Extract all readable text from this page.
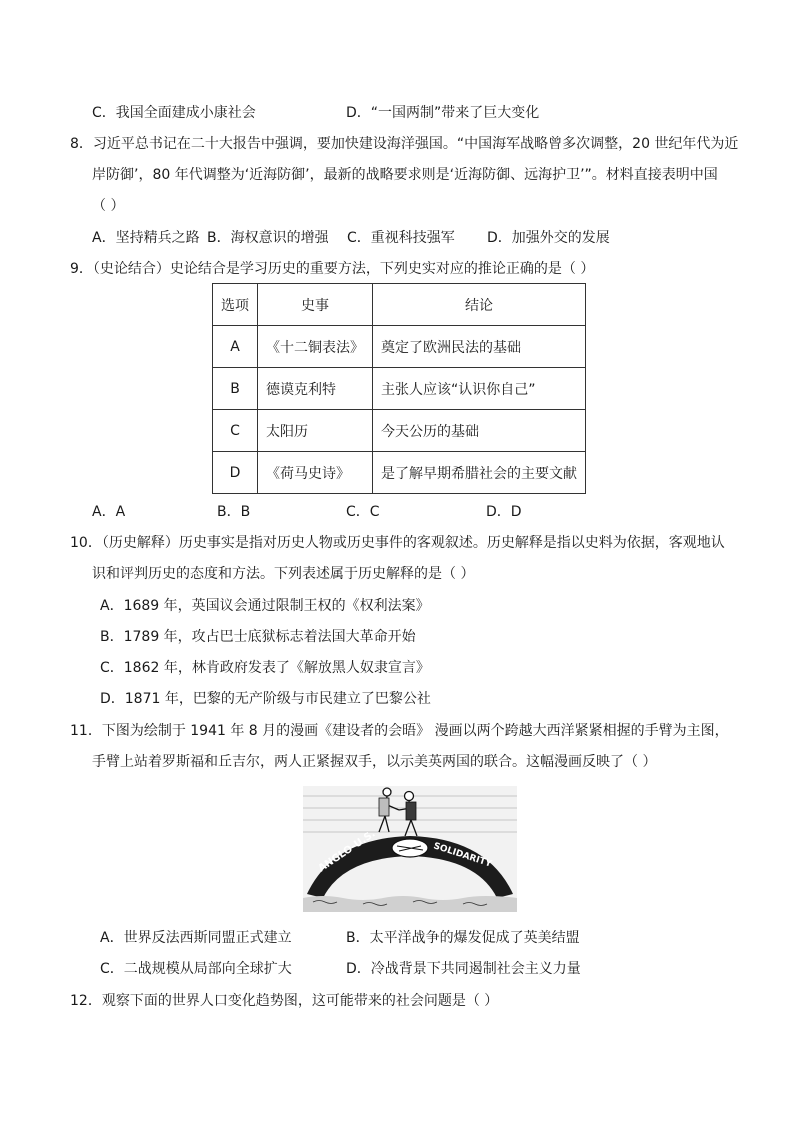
C．我国全面建成小康社会	D．“一国两制”带来了巨大变化
8．习近平总书记在二十大报告中强调，要加快建设海洋强国。“中国海军战略曾多次调整，20 世纪年代为近
岸防御’，80 年代调整为‘近海防御’，最新的战略要求则是‘近海防御、远海护卫’”。材料直接表明中国
（ ）
A．坚持精兵之路 B．海权意识的增强 C．重视科技强军 D．加强外交的发展
9．（史论结合）史论结合是学习历史的重要方法，下列史实对应的推论正确的是（ ）
选项	史事	结论
A	《十二铜表法》	奠定了欧洲民法的基础
B	德谟克利特	主张人应该“认识你自己”
C	太阳历	今天公历的基础
D	《荷马史诗》	是了解早期希腊社会的主要文献
A．A	B．B	C．C	D．D
10．（历史解释）历史事实是指对历史人物或历史事件的客观叙述。历史解释是指以史料为依据，客观地认
识和评判历史的态度和方法。下列表述属于历史解释的是（ ）
A．1689 年，英国议会通过限制王权的《权利法案》
B．1789 年，攻占巴士底狱标志着法国大革命开始
C．1862 年，林肯政府发表了《解放黑人奴隶宣言》
D．1871 年，巴黎的无产阶级与市民建立了巴黎公社
11．下图为绘制于 1941 年 8 月的漫画《建设者的会晤》 漫画以两个跨越大西洋紧紧相握的手臂为主图，
手臂上站着罗斯福和丘吉尔，两人正紧握双手，以示美英两国的联合。这幅漫画反映了（ ）
ANGLO-U.S.	SOLIDARITY
A．世界反法西斯同盟正式建立	B．太平洋战争的爆发促成了英美结盟
C．二战规模从局部向全球扩大	D．冷战背景下共同遏制社会主义力量
12．观察下面的世界人口变化趋势图，这可能带来的社会问题是（ ）
